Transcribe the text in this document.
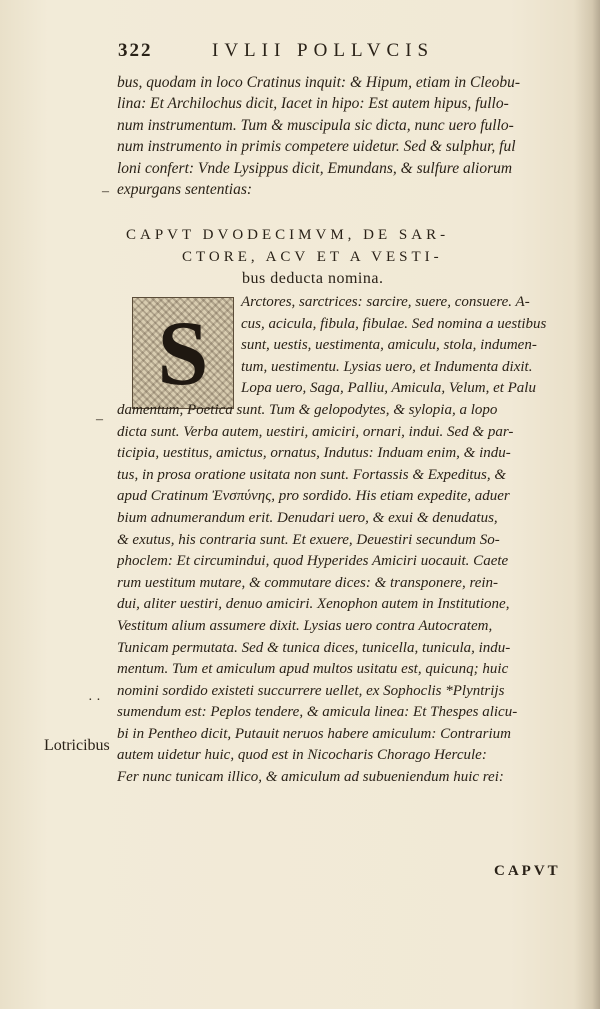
322	IVLII POLLVCIS
bus, quodam in loco Cratinus inquit: & Hipum, etiam in Cleobu-
lina: Et Archilochus dicit, Iacet in hipo: Est autem hipus, fullo-
num instrumentum. Tum & muscipula sic dicta, nunc uero fullo-
num instrumento in primis competere uidetur. Sed & sulphur, ful
loni confert: Vnde Lysippus dicit, Emundans, & sulfure aliorum
expurgans sententias:
–
CAPVT DVODECIMVM, DE SAR-
CTORE, ACV ET A VESTI-
bus deducta nomina.
S	Arctores, sarctrices: sarcire, suere, consuere. A-
cus, acicula, fibula, fibulae. Sed nomina a uestibus
sunt, uestis, uestimenta, amiculu, stola, indumen-
tum, uestimentu. Lysias uero, et Indumenta dixit.
Lopa uero, Saga, Palliu, Amicula, Velum, et Palu
damentum, Poetica sunt. Tum & gelopodytes, & sylopia, a lopo
dicta sunt. Verba autem, uestiri, amiciri, ornari, indui. Sed & par-
ticipia, uestitus, amictus, ornatus, Indutus: Induam enim, & indu-
tus, in prosa oratione usitata non sunt. Fortassis & Expeditus, &
apud Cratinum Ἐνσπύνης, pro sordido. His etiam expedite, aduer
bium adnumerandum erit. Denudari uero, & exui & denudatus,
& exutus, his contraria sunt. Et exuere, Deuestiri secundum So-
phoclem: Et circumindui, quod Hyperides Amiciri uocauit. Caete
rum uestitum mutare, & commutare dices: & transponere, rein-
dui, aliter uestiri, denuo amiciri. Xenophon autem in Institutione,
Vestitum alium assumere dixit. Lysias uero contra Autocratem,
Tunicam permutata. Sed & tunica dices, tunicella, tunicula, indu-
mentum. Tum et amiculum apud multos usitatu est, quicunq; huic
nomini sordido existeti succurrere uellet, ex Sophoclis *Plyntrijs
sumendum est: Peplos tendere, & amicula linea: Et Thespes alicu-
bi in Pentheo dicit, Putauit neruos habere amiculum: Contrarium
autem uidetur huic, quod est in Nicocharis Chorago Hercule:
Fer nunc tunicam illico, & amiculum ad subueniendum huic rei:
–
· ·
Lotricibus
CAPVT
